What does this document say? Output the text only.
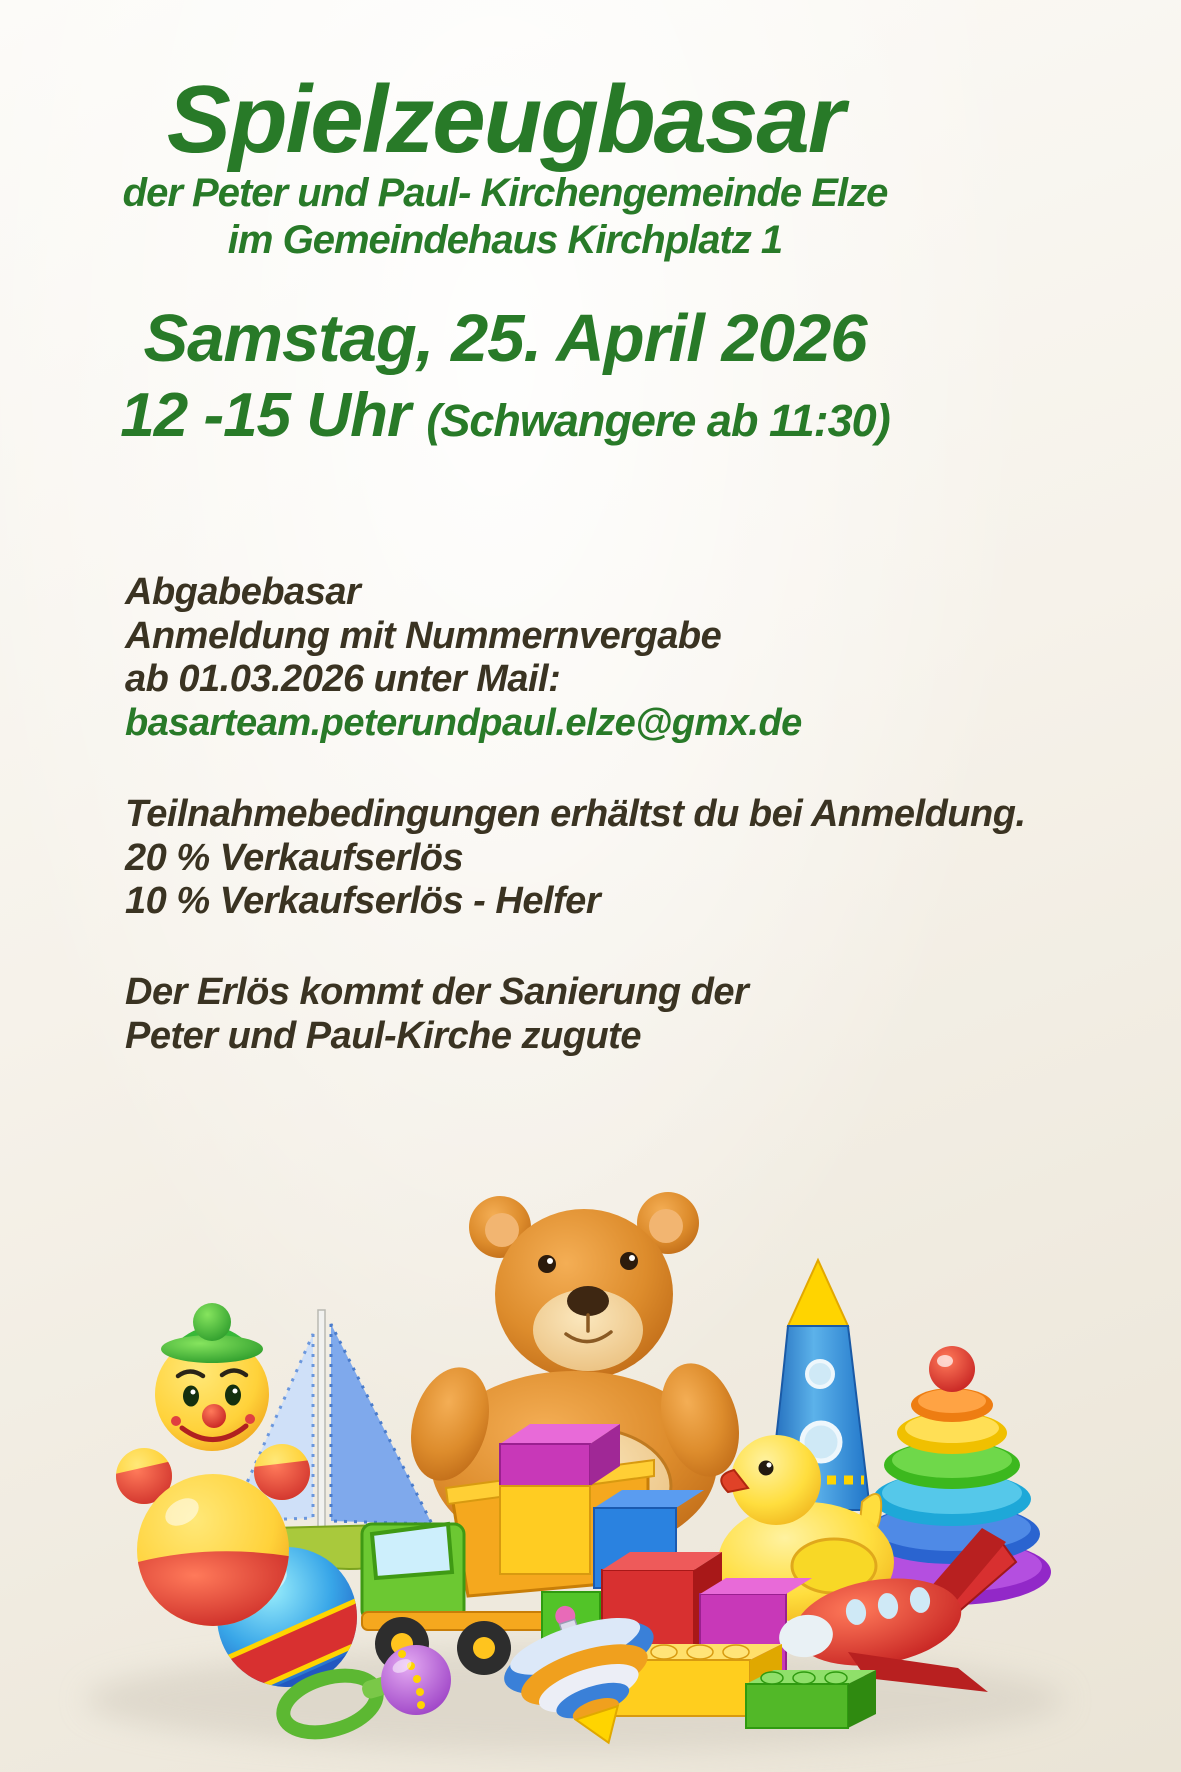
Spielzeugbasar
der Peter und Paul- Kirchengemeinde Elze
im Gemeindehaus Kirchplatz 1
Samstag, 25. April 2026
12 -15 Uhr (Schwangere ab 11:30)
Abgabebasar
Anmeldung mit Nummernvergabe
ab 01.03.2026 unter Mail:
basarteam.peterundpaul.elze@gmx.de
Teilnahmebedingungen erhältst du bei Anmeldung.
20 % Verkaufserlös
10 % Verkaufserlös - Helfer
Der Erlös kommt der Sanierung der
Peter und Paul-Kirche zugute
